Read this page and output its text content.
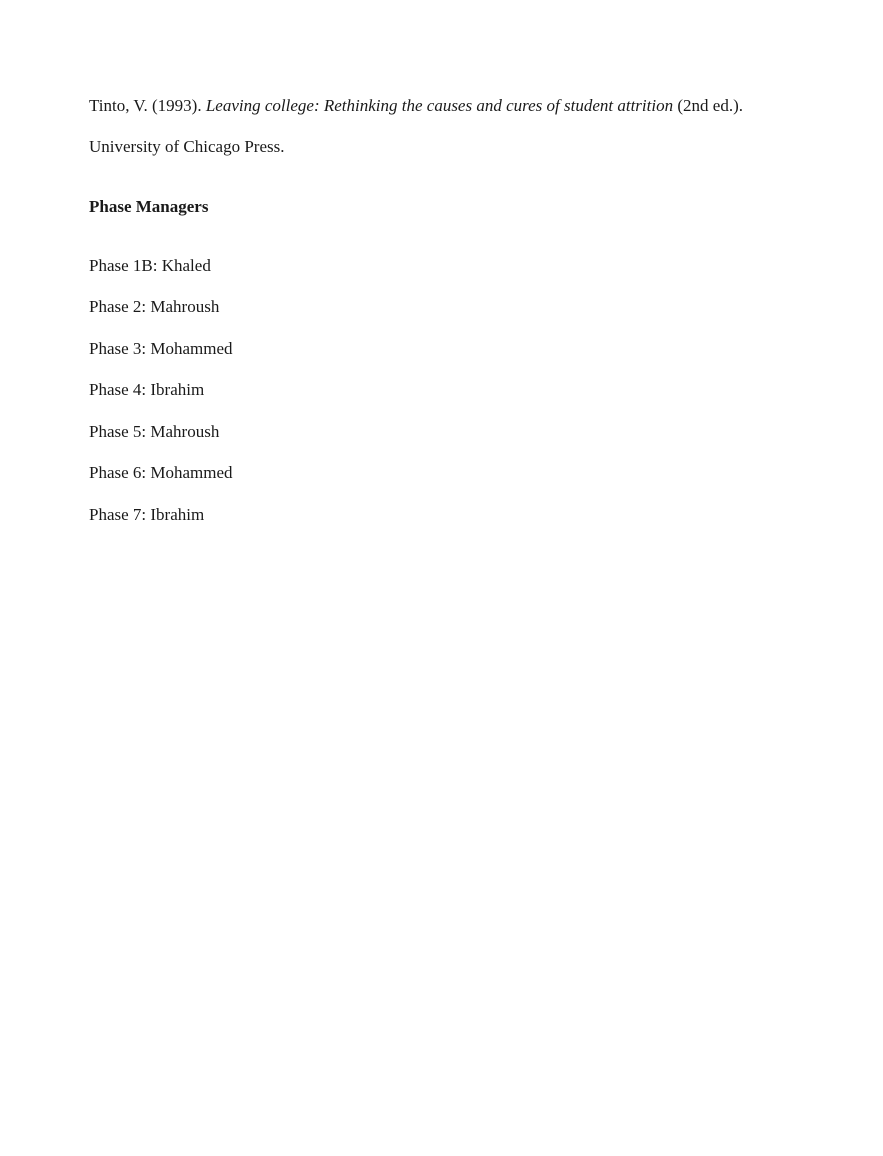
Tinto, V. (1993). Leaving college: Rethinking the causes and cures of student attrition (2nd ed.).

University of Chicago Press.

Phase Managers

Phase 1B: Khaled
Phase 2: Mahroush
Phase 3: Mohammed
Phase 4: Ibrahim
Phase 5: Mahroush
Phase 6: Mohammed
Phase 7: Ibrahim
